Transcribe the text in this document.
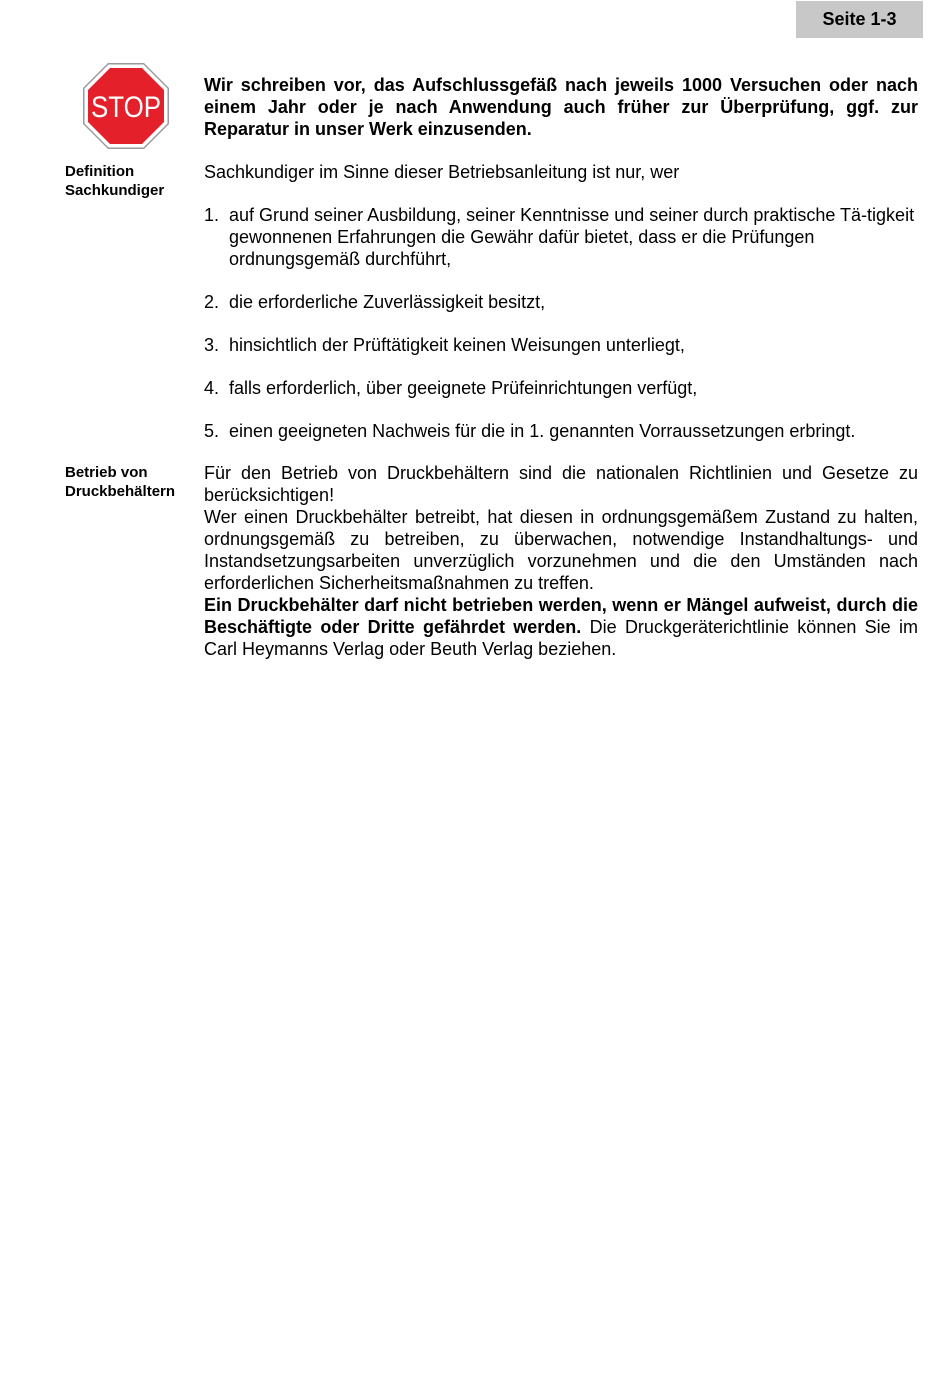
Seite 1-3
STOP
Wir schreiben vor, das Aufschlussgefäß nach jeweils 1000 Versuchen oder nach einem Jahr oder je nach Anwendung auch früher zur Überprüfung, ggf. zur Reparatur in unser Werk einzusenden.
Definition
Sachkundiger
Sachkundiger im Sinne dieser Betriebsanleitung ist nur, wer
1. auf Grund seiner Ausbildung, seiner Kenntnisse und seiner durch praktische Tä-tigkeit gewonnenen Erfahrungen die Gewähr dafür bietet, dass er die Prüfungen ordnungsgemäß durchführt,
2. die erforderliche Zuverlässigkeit besitzt,
3. hinsichtlich der Prüftätigkeit keinen Weisungen unterliegt,
4. falls erforderlich, über geeignete Prüfeinrichtungen verfügt,
5. einen geeigneten Nachweis für die in 1. genannten Vorraussetzungen erbringt.
Betrieb von
Druckbehältern

Für den Betrieb von Druckbehältern sind die nationalen Richtlinien und Gesetze zu berücksichtigen!

Wer einen Druckbehälter betreibt, hat diesen in ordnungsgemäßem Zustand zu halten, ordnungsgemäß zu betreiben, zu überwachen, notwendige Instandhaltungs- und Instandsetzungsarbeiten unverzüglich vorzunehmen und die den Umständen nach erforderlichen Sicherheitsmaßnahmen zu treffen.

Ein Druckbehälter darf nicht betrieben werden, wenn er Mängel aufweist, durch die Beschäftigte oder Dritte gefährdet werden. Die Druckgeräterichtlinie können Sie im Carl Heymanns Verlag oder Beuth Verlag beziehen.
